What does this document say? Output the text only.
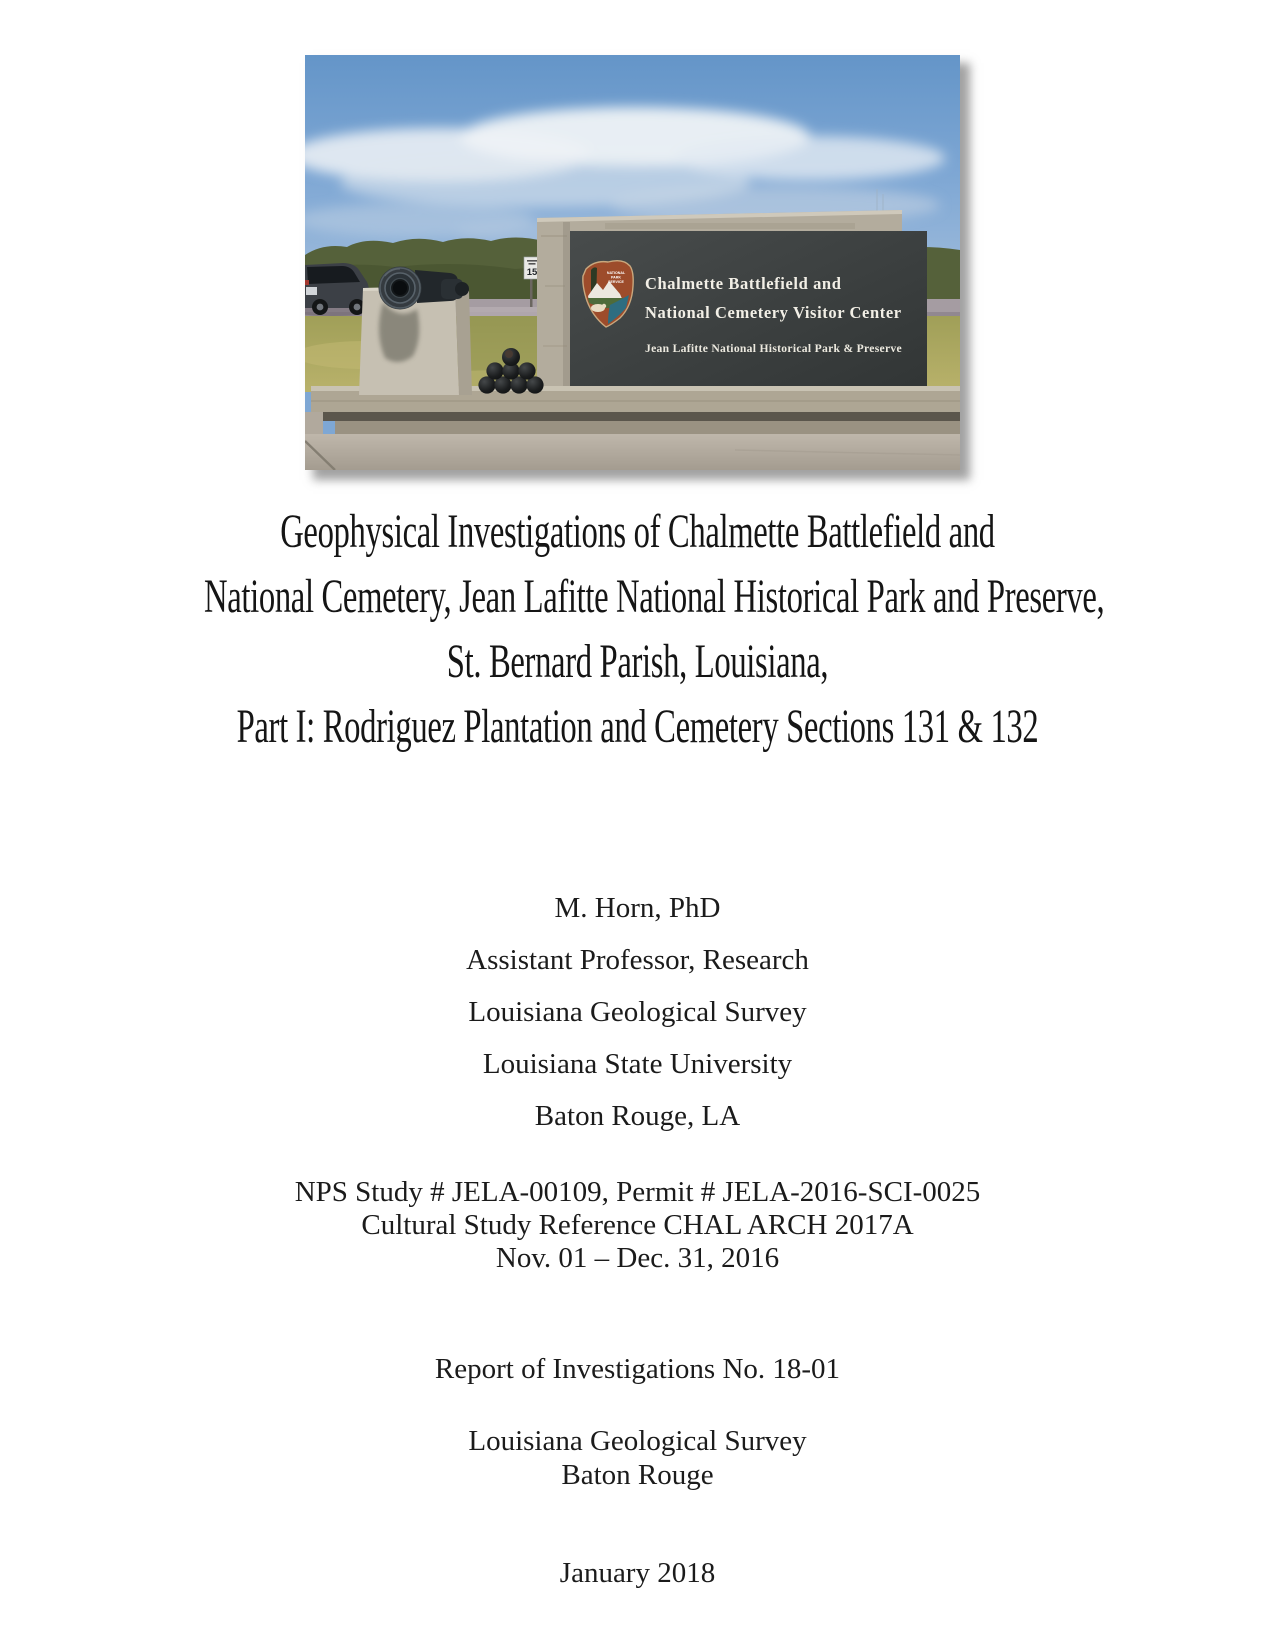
15	NATIONAL
PARK
SERVICE Chalmette Battlefield and
National Cemetery Visitor Center
Jean Lafitte National Historical Park & Preserve
Geophysical Investigations of Chalmette Battlefield and
National Cemetery, Jean Lafitte National Historical Park and Preserve,
St. Bernard Parish, Louisiana,
Part I: Rodriguez Plantation and Cemetery Sections 131 & 132
M. Horn, PhD
Assistant Professor, Research
Louisiana Geological Survey
Louisiana State University
Baton Rouge, LA
NPS Study # JELA-00109, Permit # JELA-2016-SCI-0025
Cultural Study Reference CHAL ARCH 2017A
Nov. 01 – Dec. 31, 2016
Report of Investigations No. 18-01
Louisiana Geological Survey
Baton Rouge
January 2018
